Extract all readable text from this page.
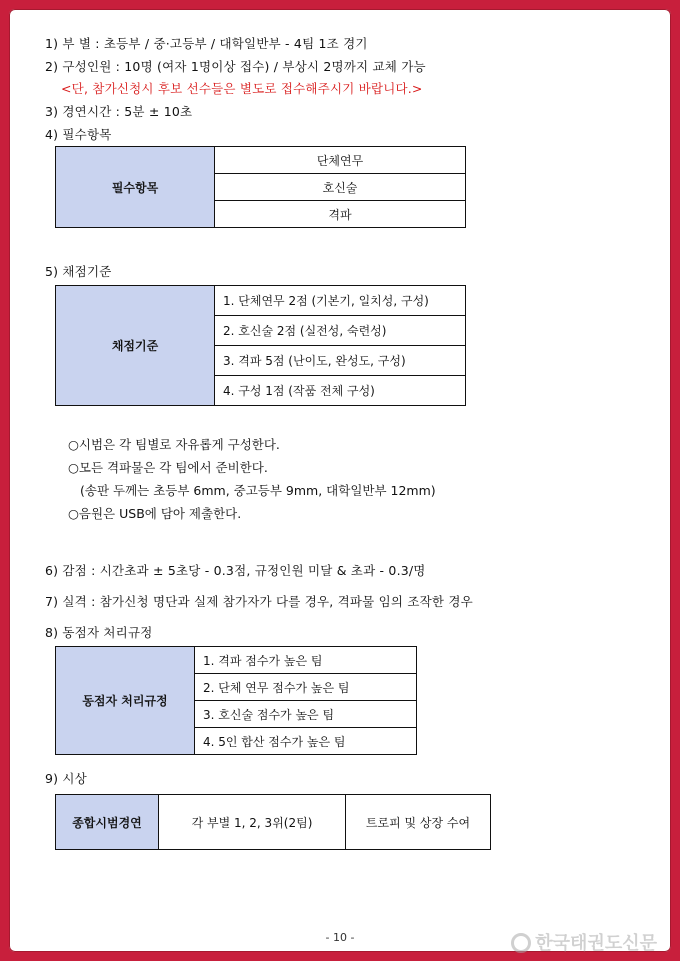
1) 부 별 : 초등부 / 중·고등부 / 대학일반부 - 4팀 1조 경기
2) 구성인원 : 10명 (여자 1명이상 접수) / 부상시 2명까지 교체 가능
<단, 참가신청시 후보 선수들은 별도로 접수해주시기 바랍니다.>
3) 경연시간 : 5분 ± 10초
4) 필수항목
필수항목	단체연무
호신술
격파
5) 채점기준
채점기준	1. 단체연무 2점 (기본기, 일치성, 구성)
2. 호신술 2점 (실전성, 숙련성)
3. 격파 5점 (난이도, 완성도, 구성)
4. 구성 1점 (작품 전체 구성)
○시범은 각 팀별로 자유롭게 구성한다.
○모든 격파물은 각 팀에서 준비한다.
(송판 두께는 초등부 6mm, 중고등부 9mm, 대학일반부 12mm)
○음원은 USB에 담아 제출한다.
6) 감점 : 시간초과 ± 5초당 - 0.3점, 규정인원 미달 & 초과 - 0.3/명
7) 실격 : 참가신청 명단과 실제 참가자가 다를 경우, 격파물 임의 조작한 경우
8) 동점자 처리규정
동점자 처리규정	1. 격파 점수가 높은 팀
2. 단체 연무 점수가 높은 팀
3. 호신술 점수가 높은 팀
4. 5인 합산 점수가 높은 팀
9) 시상
종합시범경연	각 부별 1, 2, 3위(2팀)	트로피 및 상장 수여
- 10 -	한국태권도신문
